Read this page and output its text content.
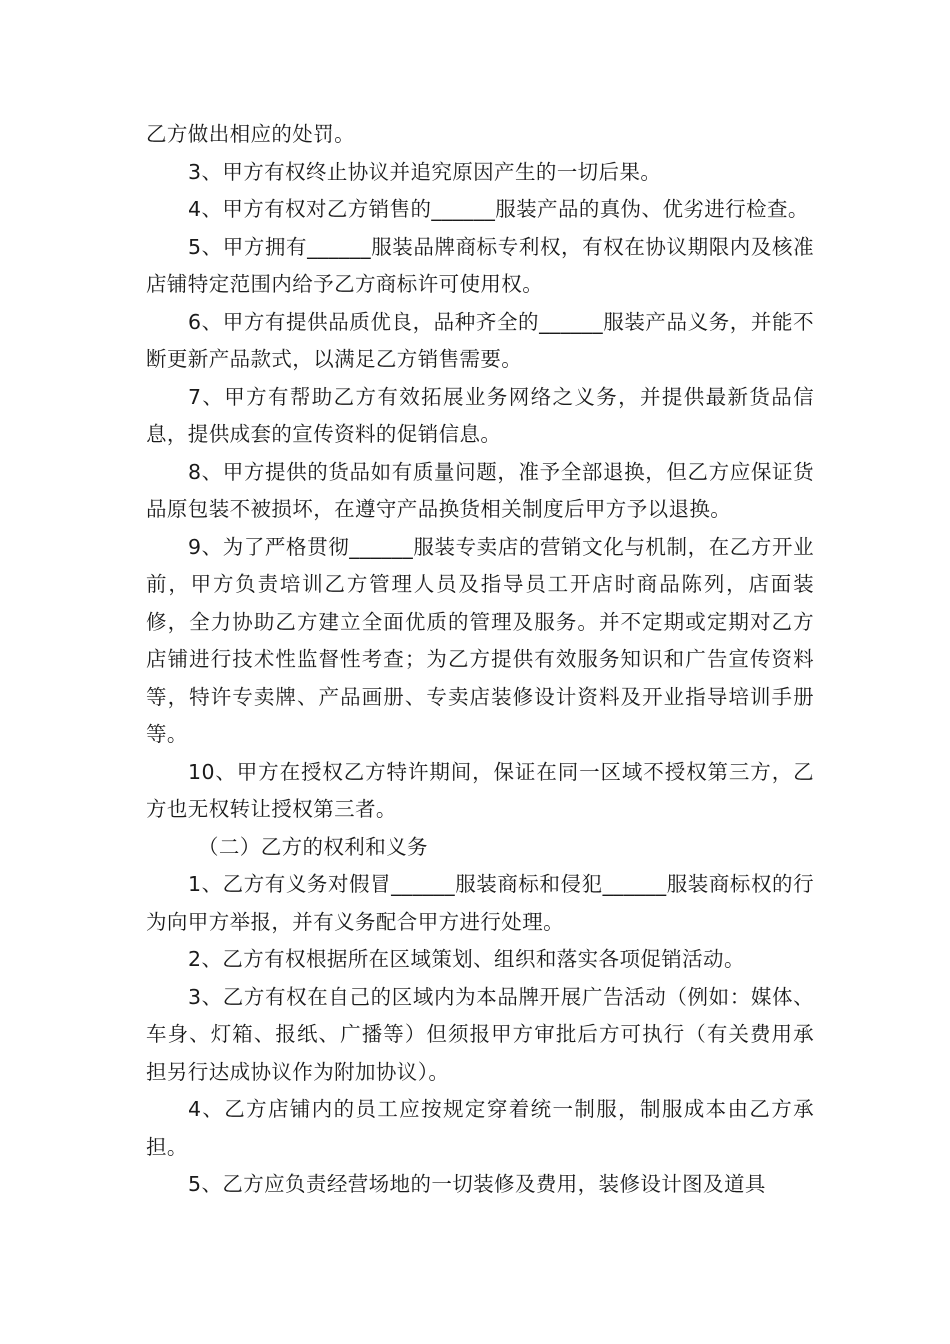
乙方做出相应的处罚。

3、甲方有权终止协议并追究原因产生的一切后果。

4、甲方有权对乙方销售的______服装产品的真伪、优劣进行检查。

5、甲方拥有______服装品牌商标专利权，有权在协议期限内及核准店铺特定范围内给予乙方商标许可使用权。

6、甲方有提供品质优良，品种齐全的______服装产品义务，并能不断更新产品款式，以满足乙方销售需要。

7、甲方有帮助乙方有效拓展业务网络之义务，并提供最新货品信息，提供成套的宣传资料的促销信息。

8、甲方提供的货品如有质量问题，准予全部退换，但乙方应保证货品原包装不被损坏，在遵守产品换货相关制度后甲方予以退换。

9、为了严格贯彻______服装专卖店的营销文化与机制，在乙方开业前，甲方负责培训乙方管理人员及指导员工开店时商品陈列，店面装修，全力协助乙方建立全面优质的管理及服务。并不定期或定期对乙方店铺进行技术性监督性考查；为乙方提供有效服务知识和广告宣传资料等，特许专卖牌、产品画册、专卖店装修设计资料及开业指导培训手册等。

10、甲方在授权乙方特许期间，保证在同一区域不授权第三方，乙方也无权转让授权第三者。

（二）乙方的权利和义务

1、乙方有义务对假冒______服装商标和侵犯______服装商标权的行为向甲方举报，并有义务配合甲方进行处理。

2、乙方有权根据所在区域策划、组织和落实各项促销活动。

3、乙方有权在自己的区域内为本品牌开展广告活动（例如：媒体、车身、灯箱、报纸、广播等）但须报甲方审批后方可执行（有关费用承担另行达成协议作为附加协议）。

4、乙方店铺内的员工应按规定穿着统一制服，制服成本由乙方承担。

5、乙方应负责经营场地的一切装修及费用，装修设计图及道具
